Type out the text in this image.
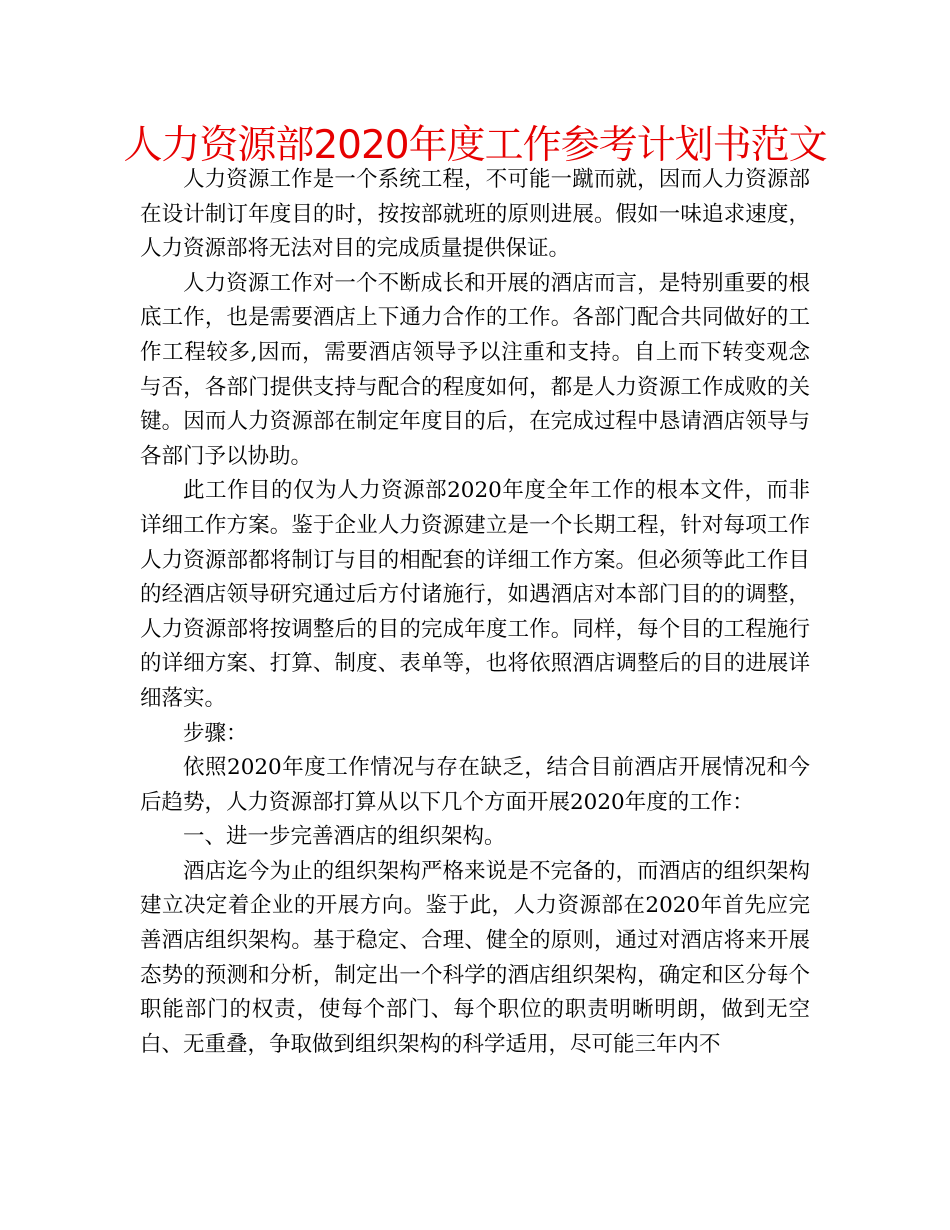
人力资源部2020年度工作参考计划书范文

人力资源工作是一个系统工程，不可能一蹴而就，因而人力资源部在设计制订年度目的时，按按部就班的原则进展。假如一味追求速度，人力资源部将无法对目的完成质量提供保证。

人力资源工作对一个不断成长和开展的酒店而言，是特别重要的根底工作，也是需要酒店上下通力合作的工作。各部门配合共同做好的工作工程较多,因而，需要酒店领导予以注重和支持。自上而下转变观念与否，各部门提供支持与配合的程度如何，都是人力资源工作成败的关键。因而人力资源部在制定年度目的后，在完成过程中恳请酒店领导与各部门予以协助。

此工作目的仅为人力资源部2020年度全年工作的根本文件，而非详细工作方案。鉴于企业人力资源建立是一个长期工程，针对每项工作人力资源部都将制订与目的相配套的详细工作方案。但必须等此工作目的经酒店领导研究通过后方付诸施行，如遇酒店对本部门目的的调整，人力资源部将按调整后的目的完成年度工作。同样，每个目的工程施行的详细方案、打算、制度、表单等，也将依照酒店调整后的目的进展详细落实。

步骤：

依照2020年度工作情况与存在缺乏，结合目前酒店开展情况和今后趋势，人力资源部打算从以下几个方面开展2020年度的工作：

一、进一步完善酒店的组织架构。

酒店迄今为止的组织架构严格来说是不完备的，而酒店的组织架构建立决定着企业的开展方向。鉴于此，人力资源部在2020年首先应完善酒店组织架构。基于稳定、合理、健全的原则，通过对酒店将来开展态势的预测和分析，制定出一个科学的酒店组织架构，确定和区分每个职能部门的权责，使每个部门、每个职位的职责明晰明朗，做到无空白、无重叠，争取做到组织架构的科学适用，尽可能三年内不
